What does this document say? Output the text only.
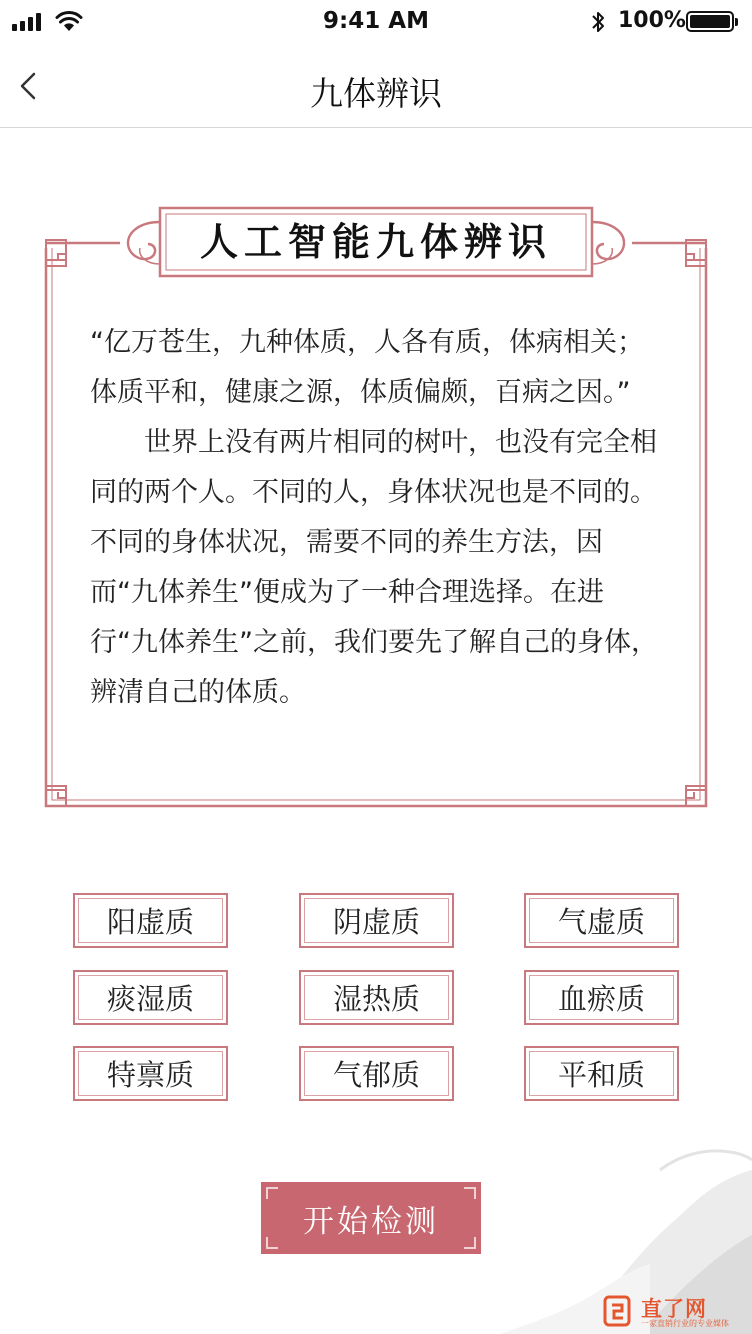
9:41 AM	100%
九体辨识
人工智能九体辨识

“亿万苍生，九种体质，人各有质，体病相关；体质平和，健康之源，体质偏颇，百病之因。”

世界上没有两片相同的树叶，也没有完全相同的两个人。不同的人，身体状况也是不同的。不同的身体状况，需要不同的养生方法，因而“九体养生”便成为了一种合理选择。在进行“九体养生”之前，我们要先了解自己的身体，辨清自己的体质。

阳虚质	阴虚质	气虚质
痰湿质	湿热质	血瘀质
特禀质	气郁质	平和质
开始检测
直了网
一家直销行业的专业媒体
